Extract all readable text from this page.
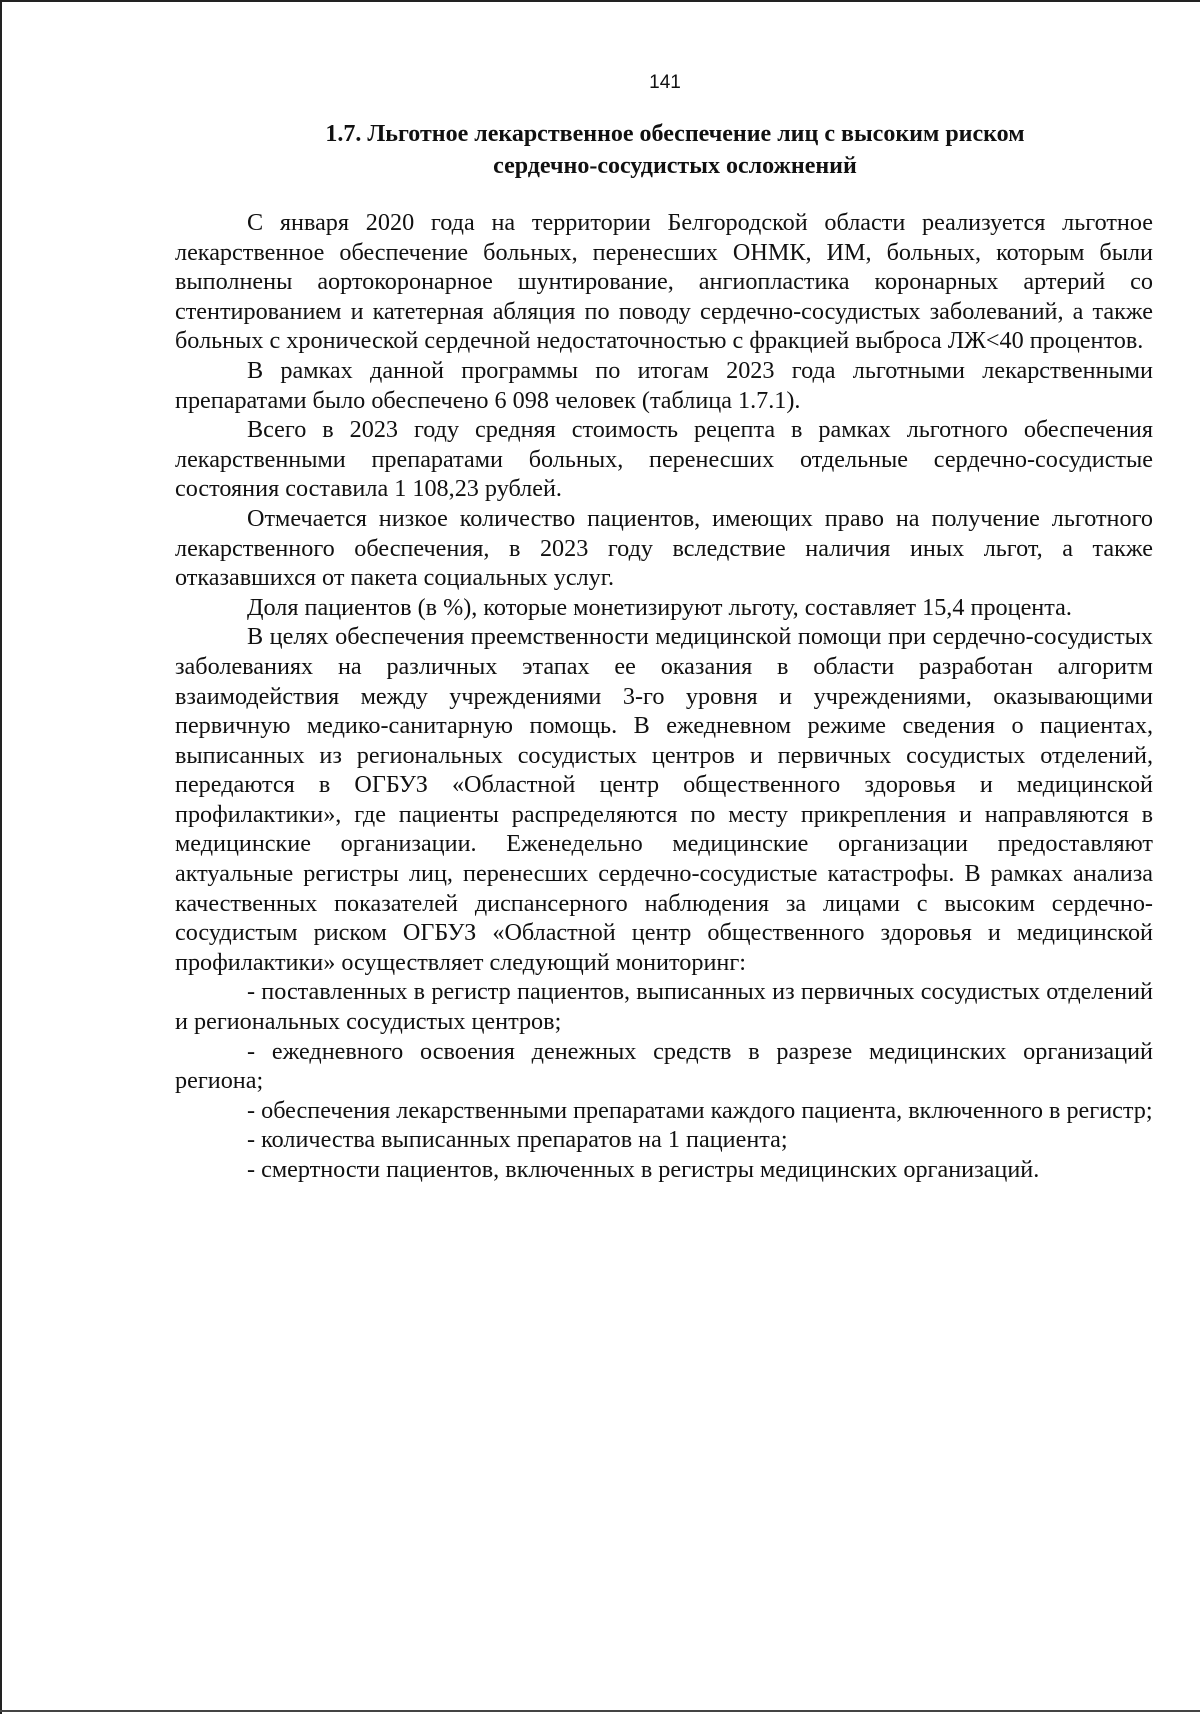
141
1.7. Льготное лекарственное обеспечение лиц с высоким риском
сердечно-сосудистых осложнений

С января 2020 года на территории Белгородской области реализуется льготное лекарственное обеспечение больных, перенесших ОНМК, ИМ, больных, которым были выполнены аортокоронарное шунтирование, ангиопластика коронарных артерий со стентированием и катетерная абляция по поводу сердечно-сосудистых заболеваний, а также больных с хронической сердечной недостаточностью с фракцией выброса ЛЖ<40 процентов.

В рамках данной программы по итогам 2023 года льготными лекарственными препаратами было обеспечено 6 098 человек (таблица 1.7.1).

Всего в 2023 году средняя стоимость рецепта в рамках льготного обеспечения лекарственными препаратами больных, перенесших отдельные сердечно-сосудистые состояния составила 1 108,23 рублей.

Отмечается низкое количество пациентов, имеющих право на получение льготного лекарственного обеспечения, в 2023 году вследствие наличия иных льгот, а также отказавшихся от пакета социальных услуг.

Доля пациентов (в %), которые монетизируют льготу, составляет 15,4 процента.

В целях обеспечения преемственности медицинской помощи при сердечно-сосудистых заболеваниях на различных этапах ее оказания в области разработан алгоритм взаимодействия между учреждениями 3-го уровня и учреждениями, оказывающими первичную медико-санитарную помощь. В ежедневном режиме сведения о пациентах, выписанных из региональных сосудистых центров и первичных сосудистых отделений, передаются в ОГБУЗ «Областной центр общественного здоровья и медицинской профилактики», где пациенты распределяются по месту прикрепления и направляются в медицинские организации. Еженедельно медицинские организации предоставляют актуальные регистры лиц, перенесших сердечно-сосудистые катастрофы. В рамках анализа качественных показателей диспансерного наблюдения за лицами с высоким сердечно-сосудистым риском ОГБУЗ «Областной центр общественного здоровья и медицинской профилактики» осуществляет следующий мониторинг:

- поставленных в регистр пациентов, выписанных из первичных сосудистых отделений и региональных сосудистых центров;

- ежедневного освоения денежных средств в разрезе медицинских организаций региона;

- обеспечения лекарственными препаратами каждого пациента, включенного в регистр;

- количества выписанных препаратов на 1 пациента;

- смертности пациентов, включенных в регистры медицинских организаций.
